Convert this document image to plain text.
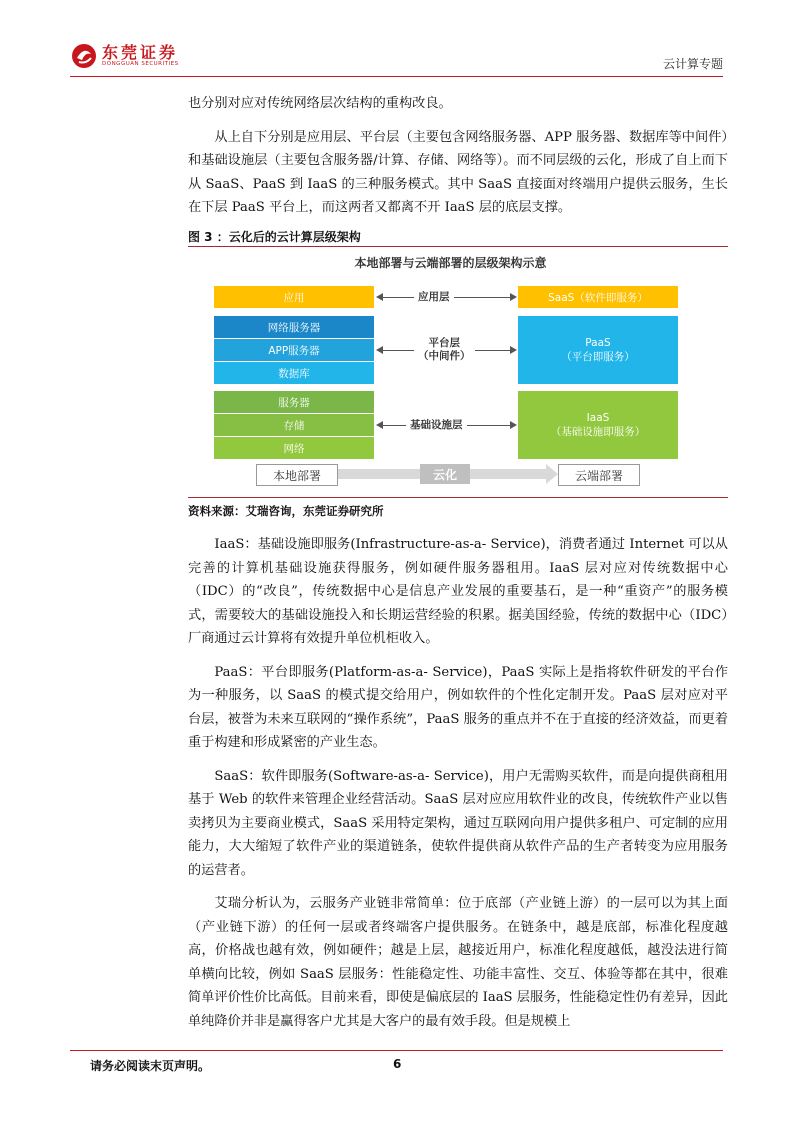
东莞证券
DONGGUAN SECURITIES	云计算专题

也分别对应对传统网络层次结构的重构改良。

从上自下分别是应用层、平台层（主要包含网络服务器、APP 服务器、数据库等中间件）和基础设施层（主要包含服务器/计算、存储、网络等）。而不同层级的云化，形成了自上而下从 SaaS、PaaS 到 IaaS 的三种服务模式。其中 SaaS 直接面对终端用户提供云服务，生长在下层 PaaS 平台上，而这两者又都离不开 IaaS 层的底层支撑。

图 3 ：云化后的云计算层级架构
本地部署与云端部署的层级架构示意
应用
网络服务器
APP服务器
数据库
服务器
存储
网络
SaaS（软件即服务）
PaaS
（平台即服务）
IaaS
（基础设施即服务）
应用层
平台层
（中间件）
基础设施层
本地部署	云端部署
云化
资料来源：艾瑞咨询，东莞证券研究所

IaaS：基础设施即服务(Infrastructure-as-a- Service)，消费者通过 Internet 可以从完善的计算机基础设施获得服务，例如硬件服务器租用。IaaS 层对应对传统数据中心（IDC）的“改良”，传统数据中心是信息产业发展的重要基石，是一种“重资产”的服务模式，需要较大的基础设施投入和长期运营经验的积累。据美国经验，传统的数据中心（IDC）厂商通过云计算将有效提升单位机柜收入。

PaaS：平台即服务(Platform-as-a- Service)，PaaS 实际上是指将软件研发的平台作为一种服务，以 SaaS 的模式提交给用户，例如软件的个性化定制开发。PaaS 层对应对平台层，被誉为未来互联网的“操作系统”，PaaS 服务的重点并不在于直接的经济效益，而更着重于构建和形成紧密的产业生态。

SaaS：软件即服务(Software-as-a- Service)，用户无需购买软件，而是向提供商租用基于 Web 的软件来管理企业经营活动。SaaS 层对应应用软件业的改良，传统软件产业以售卖拷贝为主要商业模式，SaaS 采用特定架构，通过互联网向用户提供多租户、可定制的应用能力，大大缩短了软件产业的渠道链条，使软件提供商从软件产品的生产者转变为应用服务的运营者。

艾瑞分析认为，云服务产业链非常简单：位于底部（产业链上游）的一层可以为其上面（产业链下游）的任何一层或者终端客户提供服务。在链条中，越是底部，标准化程度越高，价格战也越有效，例如硬件；越是上层，越接近用户，标准化程度越低，越没法进行简单横向比较，例如 SaaS 层服务：性能稳定性、功能丰富性、交互、体验等都在其中，很难简单评价性价比高低。目前来看，即使是偏底层的 IaaS 层服务，性能稳定性仍有差异，因此单纯降价并非是赢得客户尤其是大客户的最有效手段。但是规模上

请务必阅读末页声明。	6
